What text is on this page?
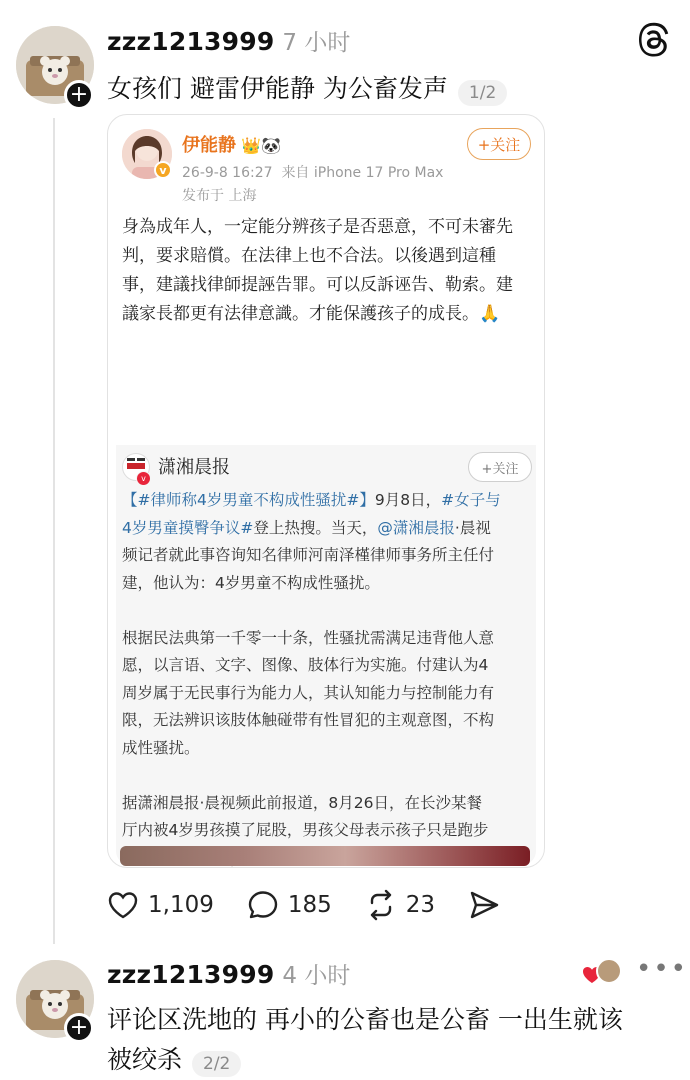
+
zzz1213999 7 小时
女孩们 避雷伊能静 为公畜发声 1/2
v
伊能静 👑🐼
26-9-8 16:27 来自 iPhone 17 Pro Max
发布于 上海
+关注
身為成年人，一定能分辨孩子是否惡意，不可未審先
判，要求賠償。在法律上也不合法。以後遇到這種
事，建議找律師提誣告罪。可以反訴诬告、勒索。建
議家長都更有法律意識。才能保護孩子的成長。🙏
v
潇湘晨报	+关注
【#律师称4岁男童不构成性骚扰#】9月8日，#女子与
4岁男童摸臀争议#登上热搜。当天，@潇湘晨报·晨视
频记者就此事咨询知名律师河南泽槿律师事务所主任付
建，他认为：4岁男童不构成性骚扰。
根据民法典第一千零一十条，性骚扰需满足违背他人意
愿，以言语、文字、图像、肢体行为实施。付建认为4
周岁属于无民事行为能力人，其认知能力与控制能力有
限，无法辨识该肢体触碰带有性冒犯的主观意图，不构
成性骚扰。
据潇湘晨报·晨视频此前报道，8月26日，在长沙某餐
厅内被4岁男孩摸了屁股，男孩父母表示孩子只是跑步
1,109	185	23
+
zzz1213999 4 小时	•••
评论区洗地的 再小的公畜也是公畜 一出生就该
被绞杀 2/2
